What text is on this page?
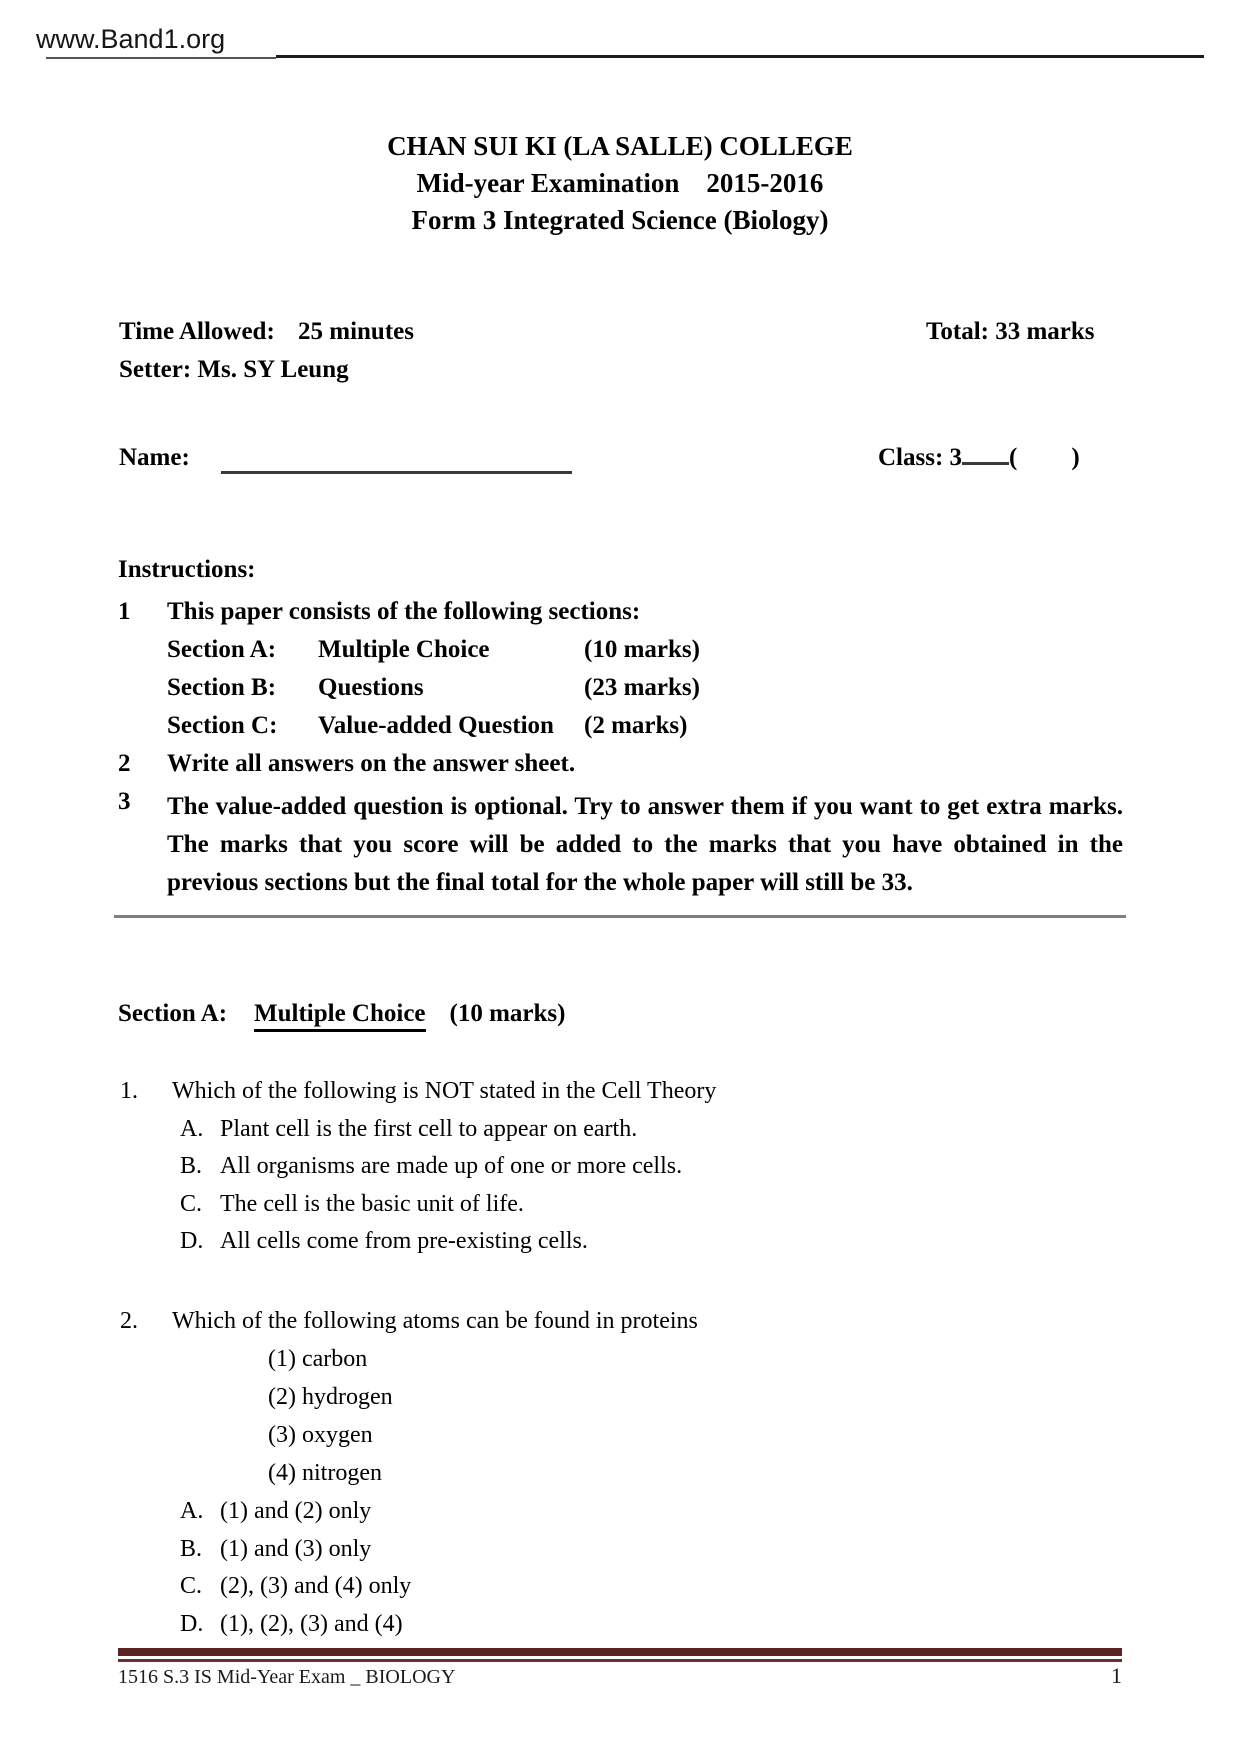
www.Band1.org
CHAN SUI KI (LA SALLE) COLLEGE
Mid-year Examination    2015-2016
Form 3 Integrated Science (Biology)
Time Allowed: 25 minutes	Total: 33 marks
Setter: Ms. SY Leung
Name:	Class: 3 ( )
Instructions:
1	This paper consists of the following sections:
Section A:	Multiple Choice	(10 marks)
Section B:	Questions	(23 marks)
Section C:	Value-added Question	(2 marks)
2	Write all answers on the answer sheet.
3	The value-added question is optional. Try to answer them if you want to get extra marks. The marks that you score will be added to the marks that you have obtained in the previous sections but the final total for the whole paper will still be 33.
Section A:	Multiple Choice (10 marks)
1.	Which of the following is NOT stated in the Cell Theory
A. Plant cell is the first cell to appear on earth.
B. All organisms are made up of one or more cells.
C. The cell is the basic unit of life.
D. All cells come from pre-existing cells.
2.	Which of the following atoms can be found in proteins
(1) carbon
(2) hydrogen
(3) oxygen
(4) nitrogen
A. (1) and (2) only
B. (1) and (3) only
C. (2), (3) and (4) only
D. (1), (2), (3) and (4)
1516 S.3 IS Mid-Year Exam _ BIOLOGY	1
